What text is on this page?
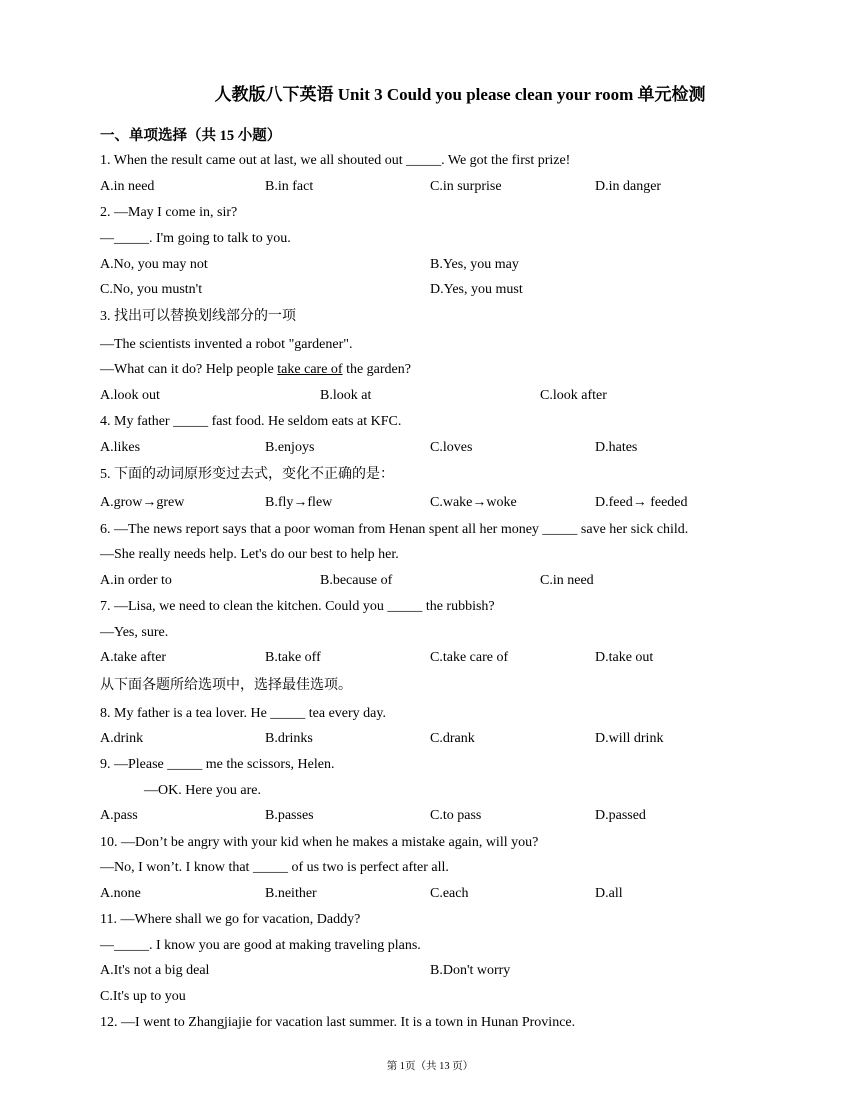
人教版八下英语 Unit 3 Could you please clean your room 单元检测
一、单项选择（共 15 小题）
1. When the result came out at last, we all shouted out _____. We got the first prize!
A.in need	B.in fact	C.in surprise	D.in danger
2. —May I come in, sir?
—_____. I'm going to talk to you.
A.No, you may not	B.Yes, you may
C.No, you mustn't	D.Yes, you must
3. 找出可以替换划线部分的一项
—The scientists invented a robot "gardener".
—What can it do? Help people take care of the garden?
A.look out	B.look at	C.look after
4. My father _____ fast food. He seldom eats at KFC.
A.likes	B.enjoys	C.loves	D.hates
5. 下面的动词原形变过去式，变化不正确的是：
A.grow→grew	B.fly→flew	C.wake→woke	D.feed→ feeded
6. —The news report says that a poor woman from Henan spent all her money _____ save her sick child.
—She really needs help. Let's do our best to help her.
A.in order to	B.because of	C.in need
7. —Lisa, we need to clean the kitchen. Could you _____ the rubbish?
—Yes, sure.
A.take after	B.take off	C.take care of	D.take out
从下面各题所给选项中，选择最佳选项。
8. My father is a tea lover. He _____ tea every day.
A.drink	B.drinks	C.drank	D.will drink
9. —Please _____ me the scissors, Helen.
—OK. Here you are.
A.pass	B.passes	C.to pass	D.passed
10. —Don’t be angry with your kid when he makes a mistake again, will you?
—No, I won’t. I know that _____ of us two is perfect after all.
A.none	B.neither	C.each	D.all
11. —Where shall we go for vacation, Daddy?
—_____. I know you are good at making traveling plans.
A.It's not a big deal	B.Don't worry
C.It's up to you
12. —I went to Zhangjiajie for vacation last summer. It is a town in Hunan Province.
第 1页（共 13 页）
